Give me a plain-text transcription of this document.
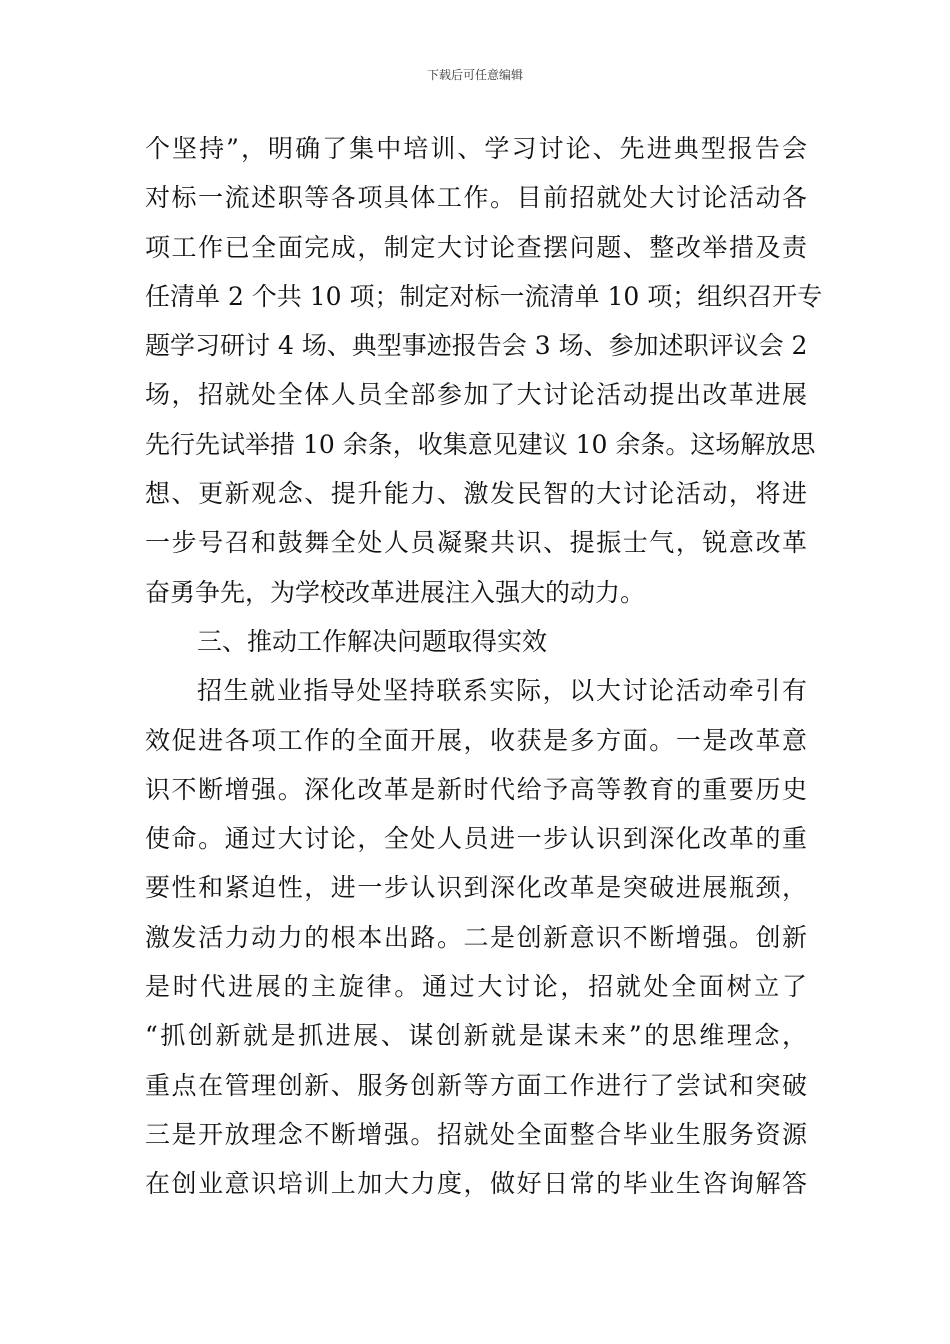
下载后可任意编辑
个坚持”，明确了集中培训、学习讨论、先进典型报告会
对标一流述职等各项具体工作。目前招就处大讨论活动各
项工作已全面完成，制定大讨论查摆问题、整改举措及责
任清单 2 个共 10 项；制定对标一流清单 10 项；组织召开专
题学习研讨 4 场、典型事迹报告会 3 场、参加述职评议会 2
场，招就处全体人员全部参加了大讨论活动提出改革进展
先行先试举措 10 余条，收集意见建议 10 余条。这场解放思
想、更新观念、提升能力、激发民智的大讨论活动，将进
一步号召和鼓舞全处人员凝聚共识、提振士气，锐意改革
奋勇争先，为学校改革进展注入强大的动力。
三、推动工作解决问题取得实效
招生就业指导处坚持联系实际，以大讨论活动牵引有
效促进各项工作的全面开展，收获是多方面。一是改革意
识不断增强。深化改革是新时代给予高等教育的重要历史
使命。通过大讨论，全处人员进一步认识到深化改革的重
要性和紧迫性，进一步认识到深化改革是突破进展瓶颈，
激发活力动力的根本出路。二是创新意识不断增强。创新
是时代进展的主旋律。通过大讨论，招就处全面树立了
“抓创新就是抓进展、谋创新就是谋未来”的思维理念，
重点在管理创新、服务创新等方面工作进行了尝试和突破
三是开放理念不断增强。招就处全面整合毕业生服务资源
在创业意识培训上加大力度，做好日常的毕业生咨询解答
